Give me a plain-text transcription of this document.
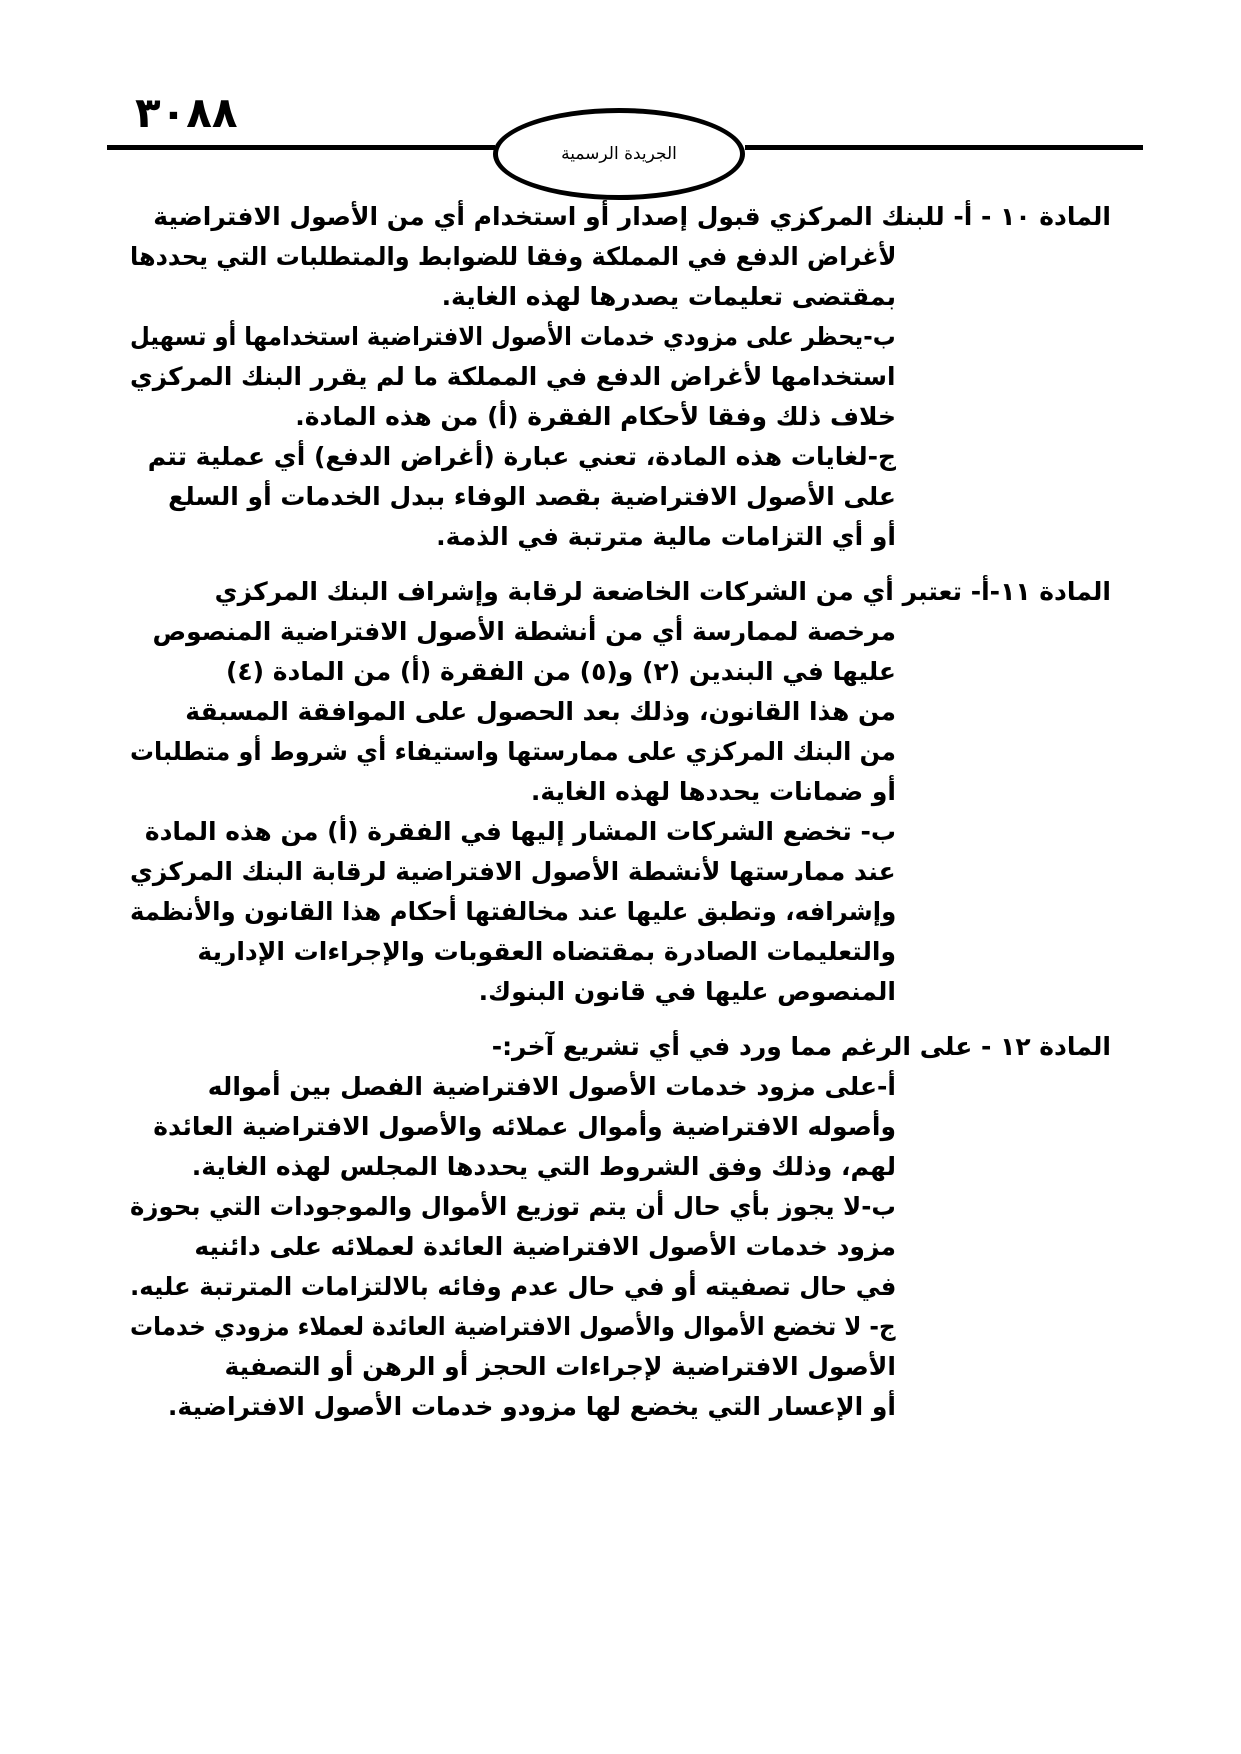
٣٠٨٨
الجريدة الرسمية
المادة ١٠ - أ- للبنك المركزي قبول إصدار أو استخدام أي من الأصول الافتراضية
لأغراض الدفع في المملكة وفقا للضوابط والمتطلبات التي يحددها
بمقتضى تعليمات يصدرها لهذه الغاية.
ب-يحظر على مزودي خدمات الأصول الافتراضية استخدامها أو تسهيل
استخدامها لأغراض الدفع في المملكة ما لم يقرر البنك المركزي
خلاف ذلك وفقا لأحكام الفقرة (أ) من هذه المادة.
ج-لغايات هذه المادة، تعني عبارة (أغراض الدفع) أي عملية تتم
على الأصول الافتراضية بقصد الوفاء ببدل الخدمات أو السلع
أو أي التزامات مالية مترتبة في الذمة.
المادة ١١-أ- تعتبر أي من الشركات الخاضعة لرقابة وإشراف البنك المركزي
مرخصة لممارسة أي من أنشطة الأصول الافتراضية المنصوص
عليها في البندين (٢) و(٥) من الفقرة (أ) من المادة (٤)
من هذا القانون، وذلك بعد الحصول على الموافقة المسبقة
من البنك المركزي على ممارستها واستيفاء أي شروط أو متطلبات
أو ضمانات يحددها لهذه الغاية.
ب- تخضع الشركات المشار إليها في الفقرة (أ) من هذه المادة
عند ممارستها لأنشطة الأصول الافتراضية لرقابة البنك المركزي
وإشرافه، وتطبق عليها عند مخالفتها أحكام هذا القانون والأنظمة
والتعليمات الصادرة بمقتضاه العقوبات والإجراءات الإدارية
المنصوص عليها في قانون البنوك.
المادة ١٢ - على الرغم مما ورد في أي تشريع آخر:-
أ-على مزود خدمات الأصول الافتراضية الفصل بين أمواله
وأصوله الافتراضية وأموال عملائه والأصول الافتراضية العائدة
لهم، وذلك وفق الشروط التي يحددها المجلس لهذه الغاية.
ب-لا يجوز بأي حال أن يتم توزيع الأموال والموجودات التي بحوزة
مزود خدمات الأصول الافتراضية العائدة لعملائه على دائنيه
في حال تصفيته أو في حال عدم وفائه بالالتزامات المترتبة عليه.
ج- لا تخضع الأموال والأصول الافتراضية العائدة لعملاء مزودي خدمات
الأصول الافتراضية لإجراءات الحجز أو الرهن أو التصفية
أو الإعسار التي يخضع لها مزودو خدمات الأصول الافتراضية.
